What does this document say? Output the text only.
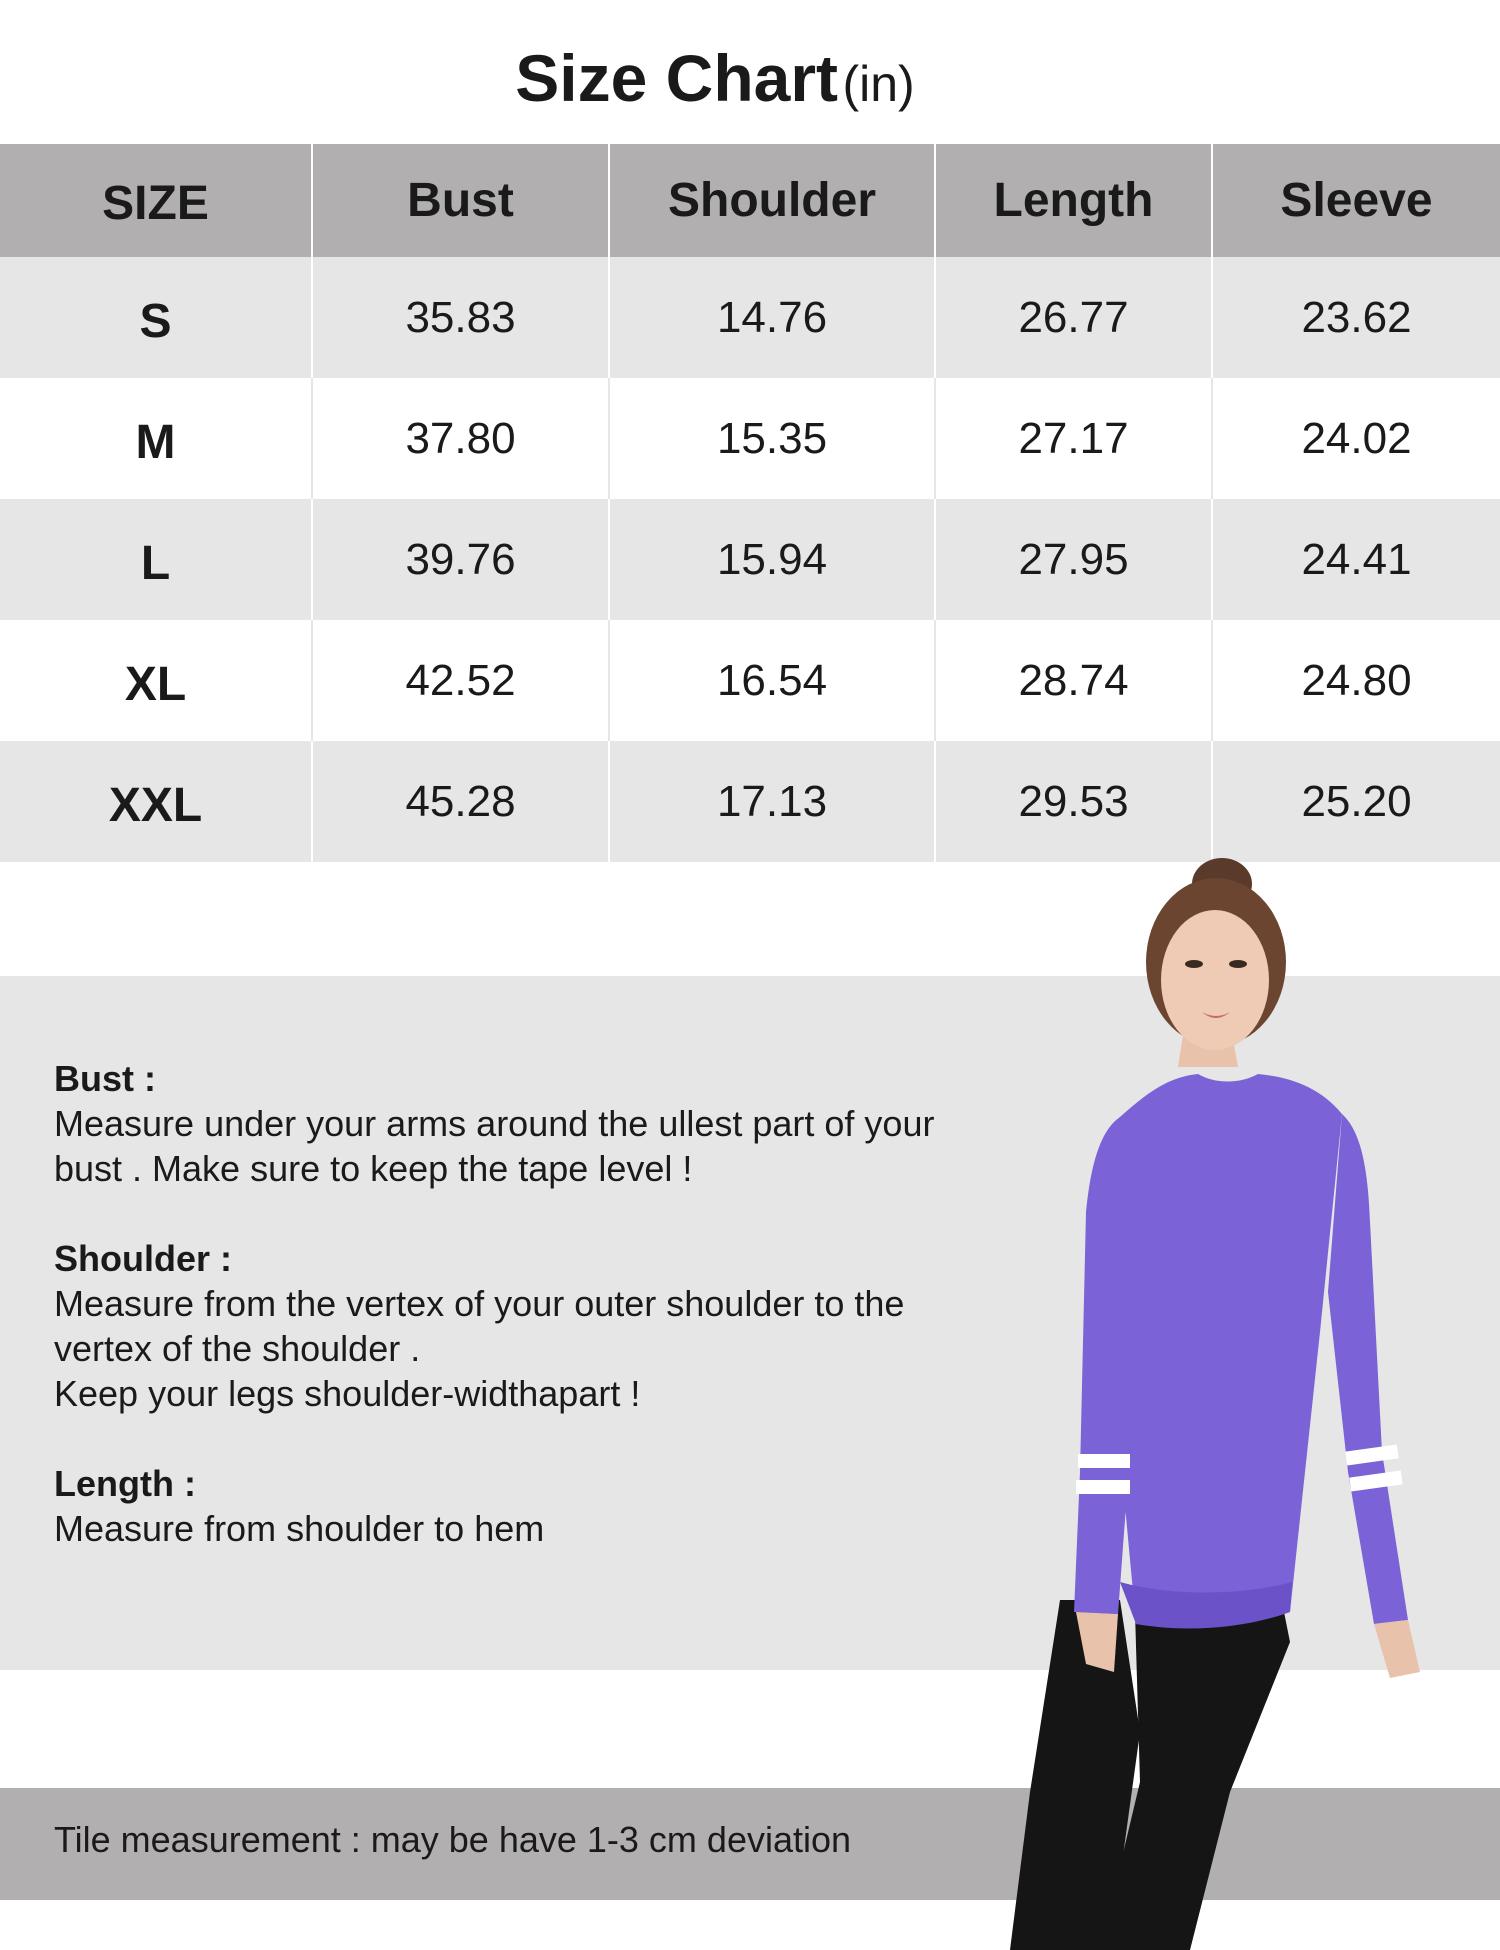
Size Chart (in)
SIZE	Bust	Shoulder	Length	Sleeve
S	35.83	14.76	26.77	23.62
M	37.80	15.35	27.17	24.02
L	39.76	15.94	27.95	24.41
XL	42.52	16.54	28.74	24.80
XXL	45.28	17.13	29.53	25.20
Bust :
Measure under your arms around the ullest part of your
bust . Make sure to keep the tape level !
Shoulder :
Measure from the vertex of your outer shoulder to the
vertex of the shoulder .
Keep your legs shoulder-widthapart !
Length :
Measure from shoulder to hem
Tile measurement : may be have 1-3 cm deviation
